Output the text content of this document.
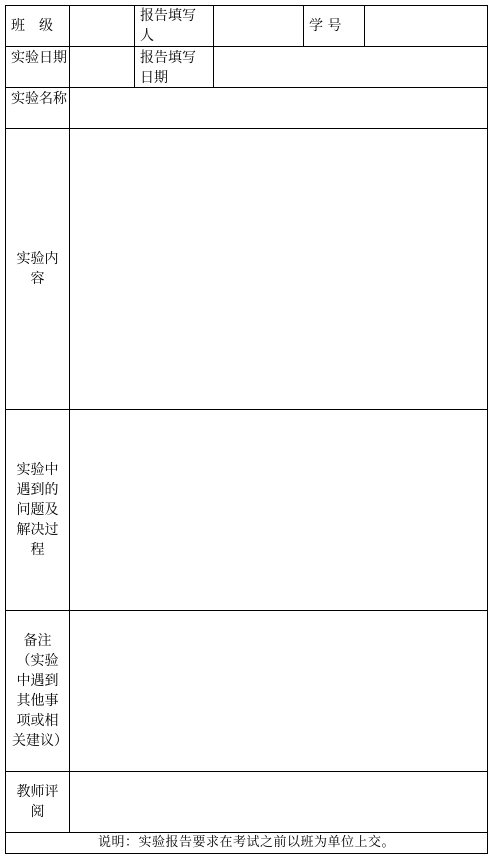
班　级
报告填写人
学 号
实验日期	报告填写日期
实验名称
实验内容
实验中遇到的问题及解决过程
备注（实验中遇到其他事项或相关建议）
教师评阅
说明：实验报告要求在考试之前以班为单位上交。
